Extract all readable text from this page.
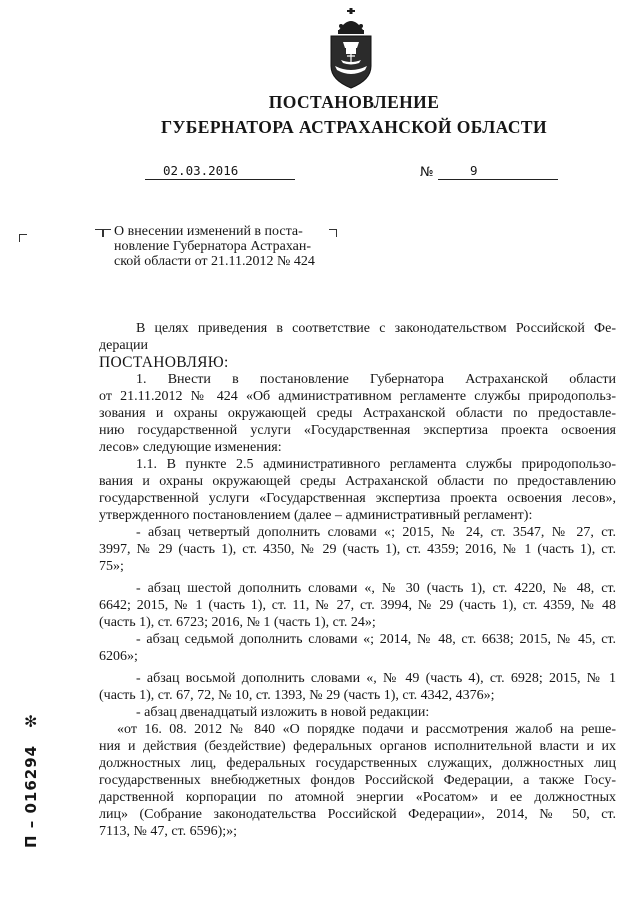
ПОСТАНОВЛЕНИЕ
ГУБЕРНАТОРА АСТРАХАНСКОЙ ОБЛАСТИ
02.03.2016	№	9
О внесении изменений в поста-
новление Губернатора Астрахан-
ской области от 21.11.2012 № 424

В целях приведения в соответствие с законодательством Российской Фе-

дерации

ПОСТАНОВЛЯЮ:

1. Внести в постановление Губернатора Астраханской области

от 21.11.2012 № 424 «Об административном регламенте службы природопольз-

зования и охраны окружающей среды Астраханской области по предоставле-

нию государственной услуги «Государственная экспертиза проекта освоения

лесов» следующие изменения:

1.1. В пункте 2.5 административного регламента службы природопользо-

вания и охраны окружающей среды Астраханской области по предоставлению

государственной услуги «Государственная экспертиза проекта освоения лесов»,

утвержденного постановлением (далее – административный регламент):

- абзац четвертый дополнить словами «; 2015, № 24, ст. 3547, № 27, ст.

3997, № 29 (часть 1), ст. 4350, № 29 (часть 1), ст. 4359; 2016, № 1 (часть 1), ст.

75»;

- абзац шестой дополнить словами «, № 30 (часть 1), ст. 4220, № 48, ст.

6642; 2015, № 1 (часть 1), ст. 11, № 27, ст. 3994, № 29 (часть 1), ст. 4359, № 48

(часть 1), ст. 6723; 2016, № 1 (часть 1), ст. 24»;

- абзац седьмой дополнить словами «; 2014, № 48, ст. 6638; 2015, № 45, ст.

6206»;

- абзац восьмой дополнить словами «, № 49 (часть 4), ст. 6928; 2015, № 1

(часть 1), ст. 67, 72, № 10, ст. 1393, № 29 (часть 1), ст. 4342, 4376»;

- абзац двенадцатый изложить в новой редакции:

«от 16. 08. 2012 № 840 «О порядке подачи и рассмотрения жалоб на реше-

ния и действия (бездействие) федеральных органов исполнительной власти и их

должностных лиц, федеральных государственных служащих, должностных лиц

государственных внебюджетных фондов Российской Федерации, а также Госу-

дарственной корпорации по атомной энергии «Росатом» и ее должностных

лиц» (Собрание законодательства Российской Федерации», 2014, № 50, ст.

7113, № 47, ст. 6596);»;

✻
П – 016294
